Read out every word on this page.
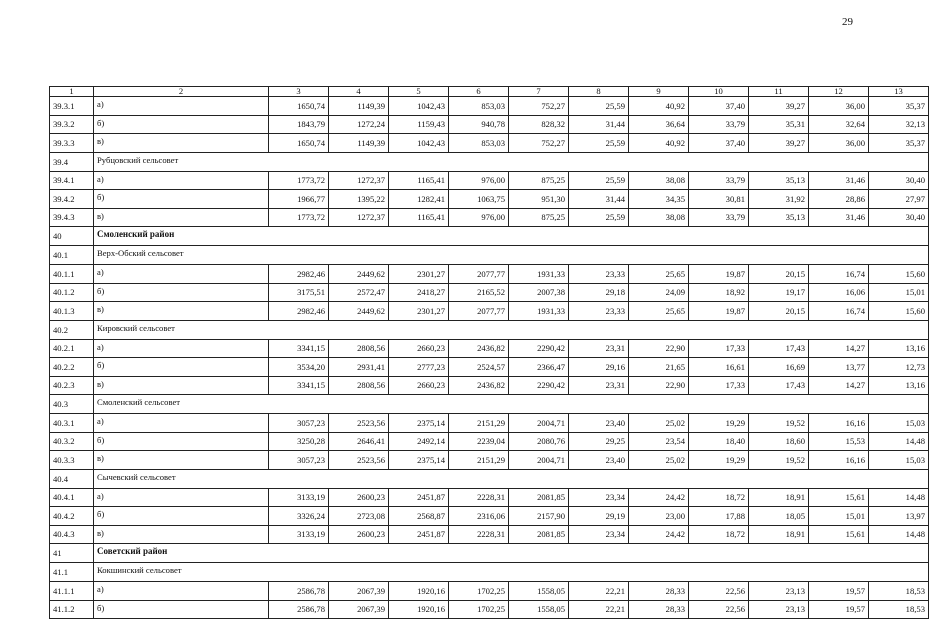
29
1	2	3	4	5	6	7	8	9	10	11	12	13
39.3.1	а)	1650,74	1149,39	1042,43	853,03	752,27	25,59	40,92	37,40	39,27	36,00	35,37
39.3.2	б)	1843,79	1272,24	1159,43	940,78	828,32	31,44	36,64	33,79	35,31	32,64	32,13
39.3.3	в)	1650,74	1149,39	1042,43	853,03	752,27	25,59	40,92	37,40	39,27	36,00	35,37
39.4	Рубцовский сельсовет											
39.4.1	а)	1773,72	1272,37	1165,41	976,00	875,25	25,59	38,08	33,79	35,13	31,46	30,40
39.4.2	б)	1966,77	1395,22	1282,41	1063,75	951,30	31,44	34,35	30,81	31,92	28,86	27,97
39.4.3	в)	1773,72	1272,37	1165,41	976,00	875,25	25,59	38,08	33,79	35,13	31,46	30,40
40	Смоленский район											
40.1	Верх-Обский сельсовет											
40.1.1	а)	2982,46	2449,62	2301,27	2077,77	1931,33	23,33	25,65	19,87	20,15	16,74	15,60
40.1.2	б)	3175,51	2572,47	2418,27	2165,52	2007,38	29,18	24,09	18,92	19,17	16,06	15,01
40.1.3	в)	2982,46	2449,62	2301,27	2077,77	1931,33	23,33	25,65	19,87	20,15	16,74	15,60
40.2	Кировский сельсовет											
40.2.1	а)	3341,15	2808,56	2660,23	2436,82	2290,42	23,31	22,90	17,33	17,43	14,27	13,16
40.2.2	б)	3534,20	2931,41	2777,23	2524,57	2366,47	29,16	21,65	16,61	16,69	13,77	12,73
40.2.3	в)	3341,15	2808,56	2660,23	2436,82	2290,42	23,31	22,90	17,33	17,43	14,27	13,16
40.3	Смоленский сельсовет											
40.3.1	а)	3057,23	2523,56	2375,14	2151,29	2004,71	23,40	25,02	19,29	19,52	16,16	15,03
40.3.2	б)	3250,28	2646,41	2492,14	2239,04	2080,76	29,25	23,54	18,40	18,60	15,53	14,48
40.3.3	в)	3057,23	2523,56	2375,14	2151,29	2004,71	23,40	25,02	19,29	19,52	16,16	15,03
40.4	Сычевский сельсовет											
40.4.1	а)	3133,19	2600,23	2451,87	2228,31	2081,85	23,34	24,42	18,72	18,91	15,61	14,48
40.4.2	б)	3326,24	2723,08	2568,87	2316,06	2157,90	29,19	23,00	17,88	18,05	15,01	13,97
40.4.3	в)	3133,19	2600,23	2451,87	2228,31	2081,85	23,34	24,42	18,72	18,91	15,61	14,48
41	Советский район											
41.1	Кокшинский сельсовет											
41.1.1	а)	2586,78	2067,39	1920,16	1702,25	1558,05	22,21	28,33	22,56	23,13	19,57	18,53
41.1.2	б)	2586,78	2067,39	1920,16	1702,25	1558,05	22,21	28,33	22,56	23,13	19,57	18,53
